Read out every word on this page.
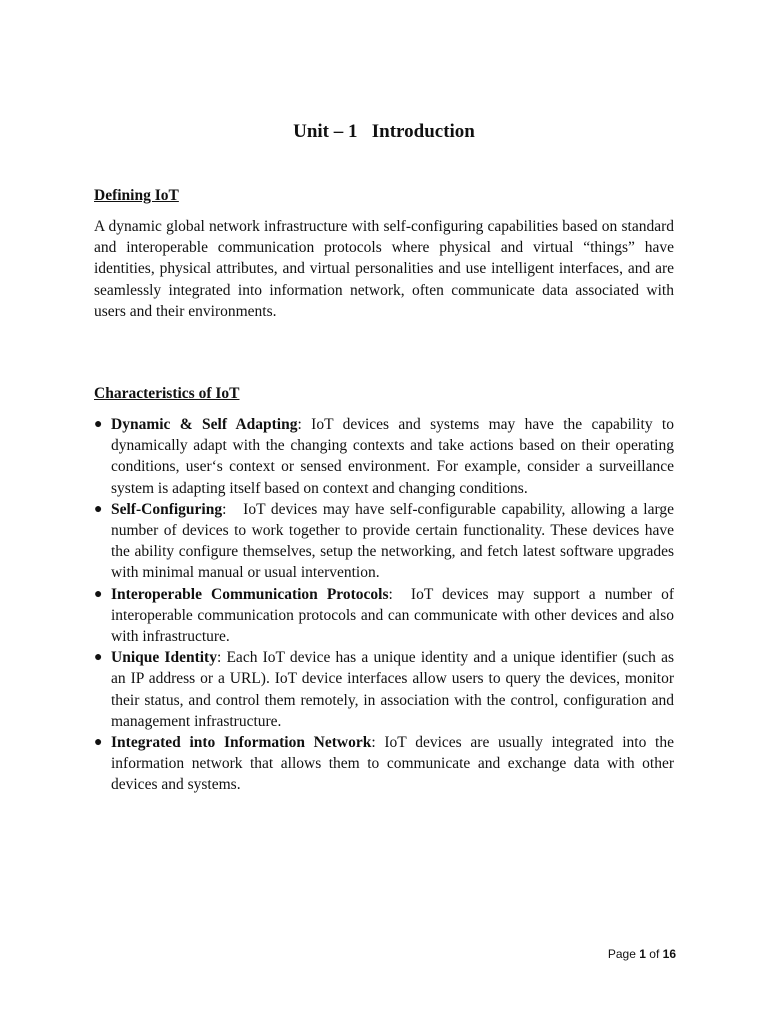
Unit – 1   Introduction
Defining IoT

A dynamic global network infrastructure with self-configuring capabilities based on standard and interoperable communication protocols where physical and virtual “things” have identities, physical attributes, and virtual personalities and use intelligent interfaces, and are seamlessly integrated into information network, often communicate data associated with users and their environments.

Characteristics of IoT
● Dynamic & Self Adapting: IoT devices and systems may have the capability to dynamically adapt with the changing contexts and take actions based on their operating conditions, user‘s context or sensed environment. For example, consider a surveillance system is adapting itself based on context and changing conditions.
● Self-Configuring:   IoT devices may have self-configurable capability, allowing a large number of devices to work together to provide certain functionality. These devices have the ability configure themselves, setup the networking, and fetch latest software upgrades with minimal manual or usual intervention.
● Interoperable Communication Protocols:  IoT devices may support a number of interoperable communication protocols and can communicate with other devices and also with infrastructure.
● Unique Identity: Each IoT device has a unique identity and a unique identifier (such as an IP address or a URL). IoT device interfaces allow users to query the devices, monitor their status, and control them remotely, in association with the control, configuration and management infrastructure.
● Integrated into Information Network: IoT devices are usually integrated into the information network that allows them to communicate and exchange data with other devices and systems.
Page 1 of 16
